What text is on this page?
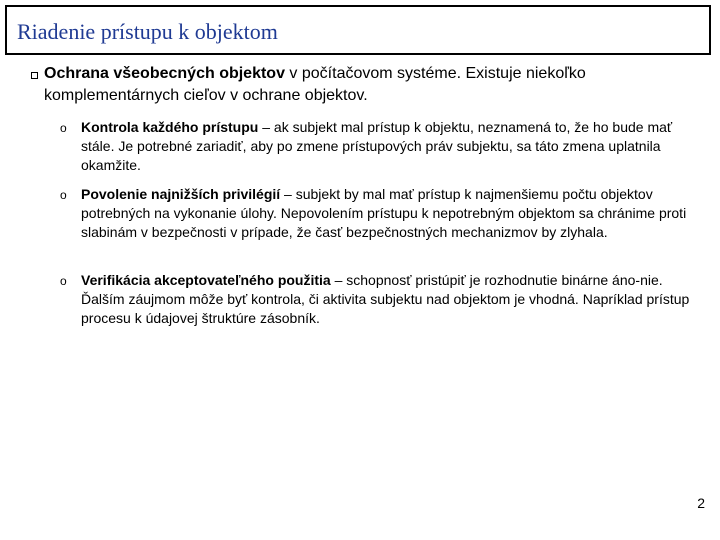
Riadenie prístupu k objektom
Ochrana všeobecných objektov v počítačovom systéme. Existuje niekoľko komplementárnych cieľov v ochrane objektov.
o Kontrola každého prístupu – ak subjekt mal prístup k objektu, neznamená to, že ho bude mať stále. Je potrebné zariadiť, aby po zmene prístupových práv subjektu, sa táto zmena uplatnila okamžite.
o Povolenie najnižších privilégií – subjekt by mal mať prístup k najmenšiemu počtu objektov potrebných na vykonanie úlohy. Nepovolením prístupu k nepotrebným objektom sa chránime proti slabinám v bezpečnosti v prípade, že časť bezpečnostných mechanizmov by zlyhala.
o Verifikácia akceptovateľného použitia – schopnosť pristúpiť je rozhodnutie binárne áno-nie. Ďalším záujmom môže byť kontrola, či aktivita subjektu nad objektom je vhodná. Napríklad prístup procesu k údajovej štruktúre zásobník.
2
